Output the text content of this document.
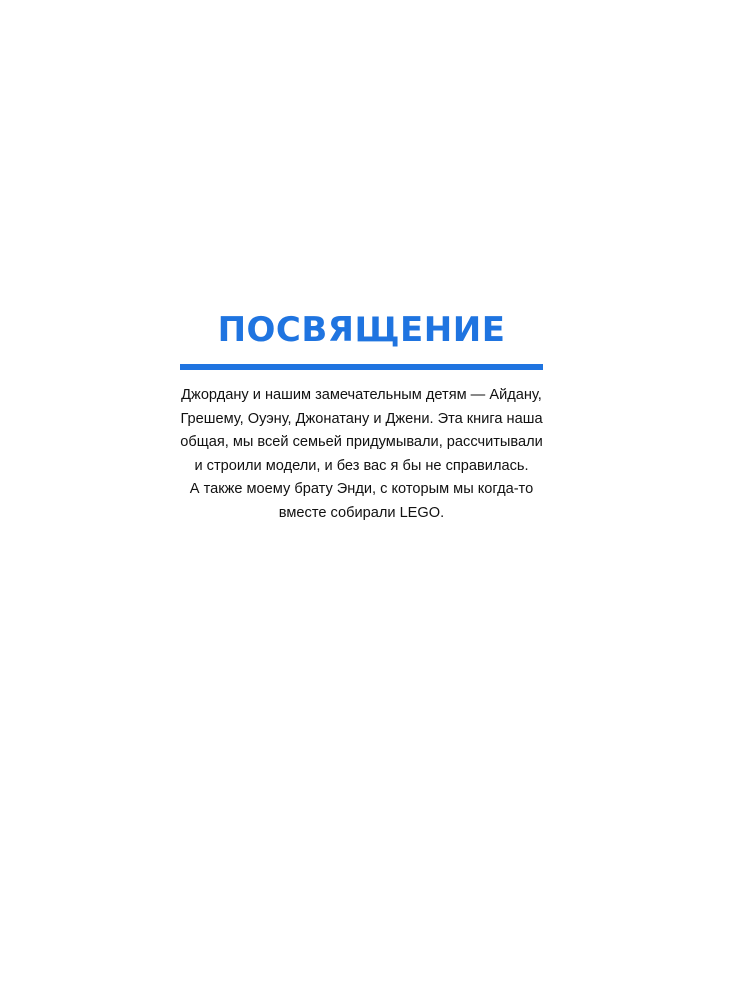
ПОСВЯЩЕНИЕ
Джордану и нашим замечательным детям — Айдану,
Грешему, Оуэну, Джонатану и Джени. Эта книга наша
общая, мы всей семьей придумывали, рассчитывали
и строили модели, и без вас я бы не справилась.
А также моему брату Энди, с которым мы когда-то
вместе собирали LEGO.
